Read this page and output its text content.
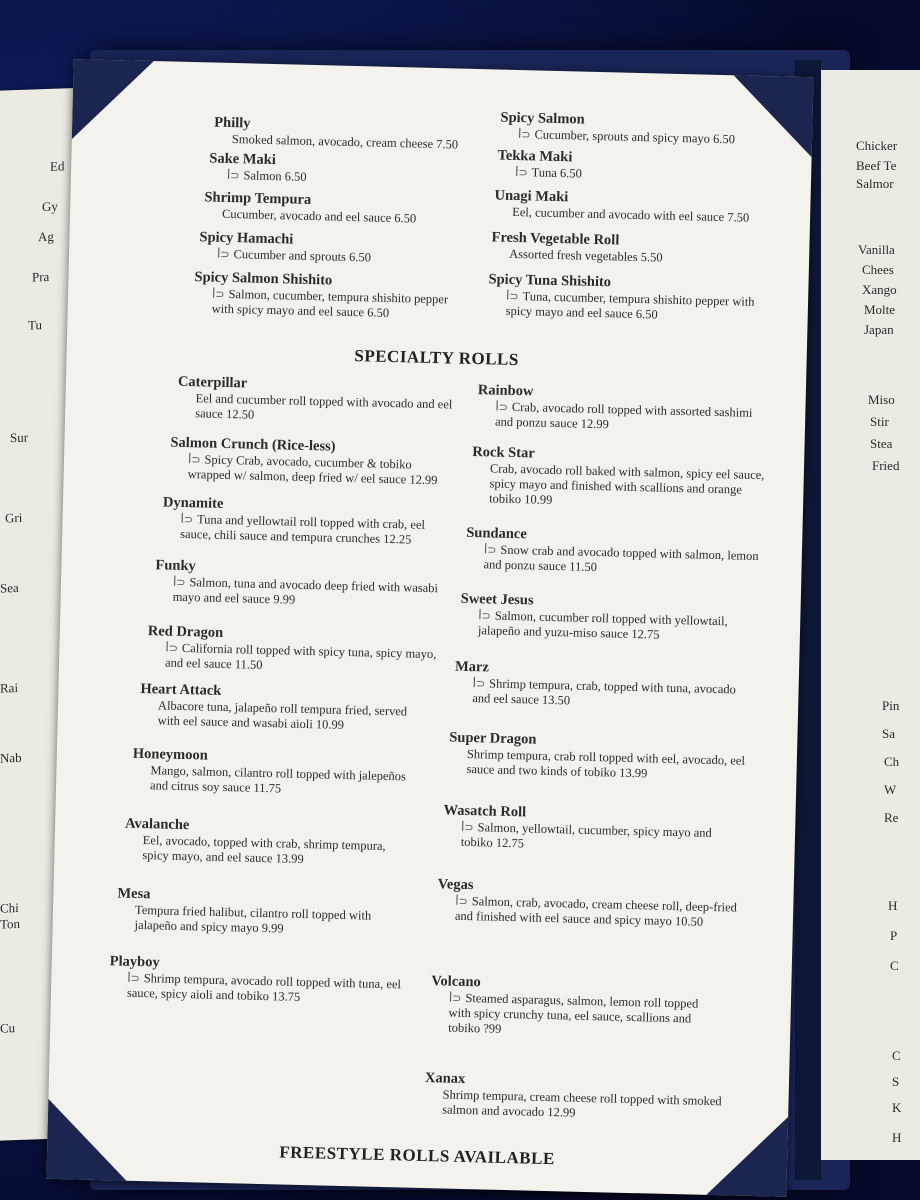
Ed
Gy
Ag
Pra
Tu
Sur
Gri
Sea
Rai
Nab
Chi
Ton
Cu
Chicker
Beef Te
Salmor
Vanilla
Chees
Xango
Molte
Japan
Miso
Stir
Stea
Fried
Pin
Sa
Ch
W
Re
H
P
C
C
S
K
H
Philly
Smoked salmon, avocado, cream cheese 7.50
Sake Maki
ꟾ⊃ Salmon 6.50
Shrimp Tempura
Cucumber, avocado and eel sauce 6.50
Spicy Hamachi
ꟾ⊃ Cucumber and sprouts 6.50
Spicy Salmon Shishito
ꟾ⊃ Salmon, cucumber, tempura shishito pepper with spicy mayo and eel sauce 6.50
Spicy Salmon
ꟾ⊃ Cucumber, sprouts and spicy mayo 6.50
Tekka Maki
ꟾ⊃ Tuna 6.50
Unagi Maki
Eel, cucumber and avocado with eel sauce 7.50
Fresh Vegetable Roll
Assorted fresh vegetables 5.50
Spicy Tuna Shishito
ꟾ⊃ Tuna, cucumber, tempura shishito pepper with spicy mayo and eel sauce 6.50
SPECIALTY ROLLS
Caterpillar
Eel and cucumber roll topped with avocado and eel sauce 12.50
Salmon Crunch (Rice-less)
ꟾ⊃ Spicy Crab, avocado, cucumber & tobiko wrapped w/ salmon, deep fried w/ eel sauce 12.99
Dynamite
ꟾ⊃ Tuna and yellowtail roll topped with crab, eel sauce, chili sauce and tempura crunches 12.25
Funky
ꟾ⊃ Salmon, tuna and avocado deep fried with wasabi mayo and eel sauce 9.99
Red Dragon
ꟾ⊃ California roll topped with spicy tuna, spicy mayo, and eel sauce 11.50
Heart Attack
Albacore tuna, jalapeño roll tempura fried, served with eel sauce and wasabi aioli 10.99
Honeymoon
Mango, salmon, cilantro roll topped with jalepeños and citrus soy sauce 11.75
Avalanche
Eel, avocado, topped with crab, shrimp tempura, spicy mayo, and eel sauce 13.99
Mesa
Tempura fried halibut, cilantro roll topped with jalapeño and spicy mayo 9.99
Playboy
ꟾ⊃ Shrimp tempura, avocado roll topped with tuna, eel sauce, spicy aioli and tobiko 13.75
Rainbow
ꟾ⊃ Crab, avocado roll topped with assorted sashimi and ponzu sauce 12.99
Rock Star
Crab, avocado roll baked with salmon, spicy eel sauce, spicy mayo and finished with scallions and orange tobiko 10.99
Sundance
ꟾ⊃ Snow crab and avocado topped with salmon, lemon and ponzu sauce 11.50
Sweet Jesus
ꟾ⊃ Salmon, cucumber roll topped with yellowtail, jalapeño and yuzu-miso sauce 12.75
Marz
ꟾ⊃ Shrimp tempura, crab, topped with tuna, avocado and eel sauce 13.50
Super Dragon
Shrimp tempura, crab roll topped with eel, avocado, eel sauce and two kinds of tobiko 13.99
Wasatch Roll
ꟾ⊃ Salmon, yellowtail, cucumber, spicy mayo and tobiko 12.75
Vegas
ꟾ⊃ Salmon, crab, avocado, cream cheese roll, deep-fried and finished with eel sauce and spicy mayo 10.50
Volcano
ꟾ⊃ Steamed asparagus, salmon, lemon roll topped with spicy crunchy tuna, eel sauce, scallions and tobiko ?99
Xanax
Shrimp tempura, cream cheese roll topped with smoked salmon and avocado 12.99
FREESTYLE ROLLS AVAILABLE
